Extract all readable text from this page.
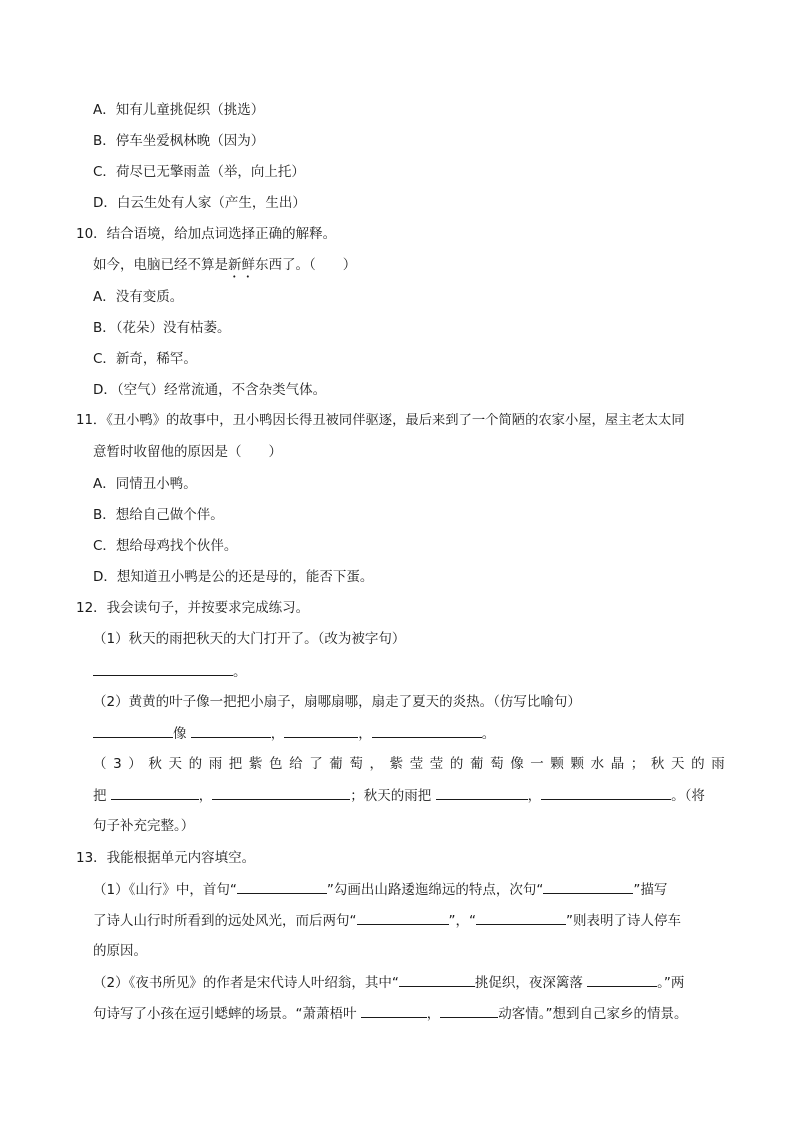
A．知有儿童挑促织（挑选）
B．停车坐爱枫林晚（因为）
C．荷尽已无擎雨盖（举，向上托）
D．白云生处有人家（产生，生出）
10．结合语境，给加点词选择正确的解释。
如今，电脑已经不算是新鲜东西了。（　　）
A．没有变质。
B．（花朵）没有枯萎。
C．新奇，稀罕。
D．（空气）经常流通，不含杂类气体。
11．《丑小鸭》的故事中，丑小鸭因长得丑被同伴驱逐，最后来到了一个简陋的农家小屋，屋主老太太同
意暂时收留他的原因是（　　）
A．同情丑小鸭。
B．想给自己做个伴。
C．想给母鸡找个伙伴。
D．想知道丑小鸭是公的还是母的，能否下蛋。
12．我会读句子，并按要求完成练习。
（1）秋天的雨把秋天的大门打开了。（改为被字句）
。
（2）黄黄的叶子像一把把小扇子，扇哪扇哪，扇走了夏天的炎热。（仿写比喻句）
像	，	，	。
（3）秋天的雨把紫色给了葡萄，紫莹莹的葡萄像一颗颗水晶；秋天的雨
把	，	；秋天的雨把	，	。（将
句子补充完整。）
13．我能根据单元内容填空。
（1）《山行》中，首句“	”勾画出山路逶迤绵远的特点，次句“	”描写
了诗人山行时所看到的远处风光，而后两句“	”，“	”则表明了诗人停车
的原因。
（2）《夜书所见》的作者是宋代诗人叶绍翁，其中“	挑促织，夜深篱落	。”两
句诗写了小孩在逗引蟋蟀的场景。“萧萧梧叶	，	动客情。”想到自己家乡的情景。
